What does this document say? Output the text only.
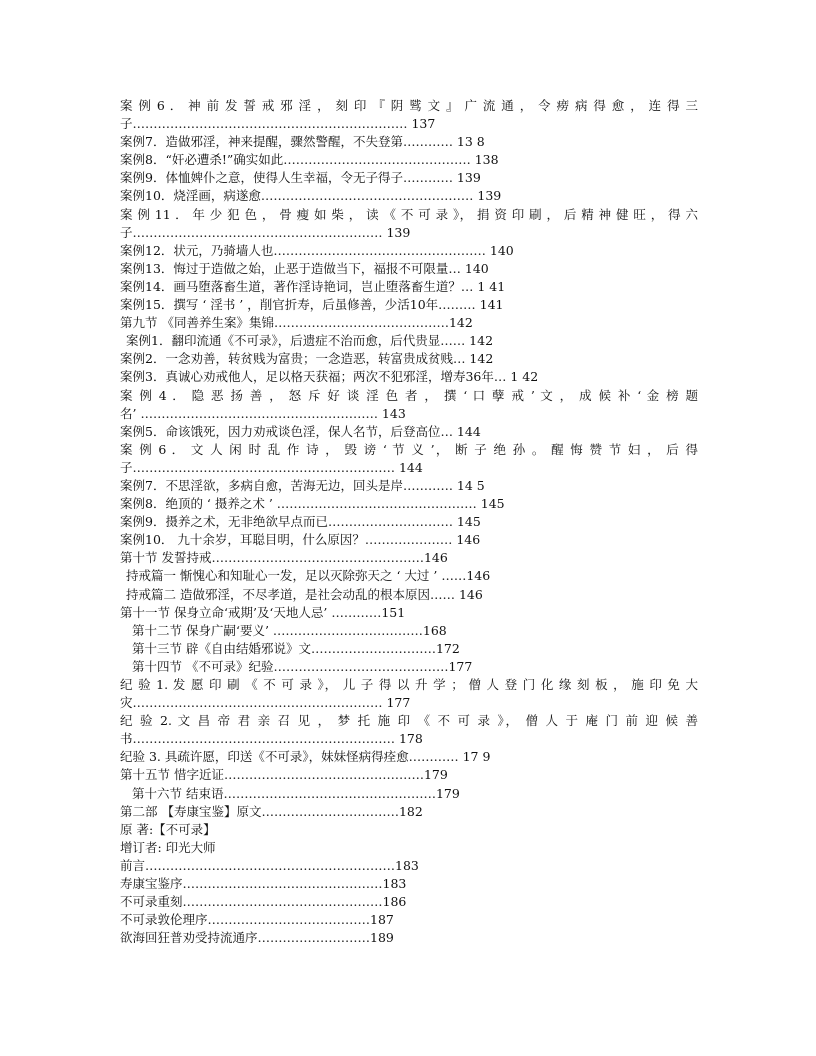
案 例 6 ． 神 前 发 誓 戒 邪 淫 ， 刻 印 『 阴 骘 文 』 广 流 通 ， 令 痨 病 得 愈 ， 连 得 三
子………………………………………………………… 137
案例7．造做邪淫，神来提醒，骤然警醒，不失登第………… 13 8
案例8．“奸必遭杀!”确实如此……………………………………… 138
案例9．体恤婢仆之意，使得人生幸福，令无子得子………… 139
案例10．烧淫画，病遂愈…………………………………………… 139
案 例 11 ． 年 少 犯 色 ， 骨 瘦 如 柴 ， 读 《 不 可 录 》， 捐 资 印 刷 ， 后 精 神 健 旺 ， 得 六
子…………………………………………………… 139
案例12．状元，乃骑墙人也…………………………………………… 140
案例13．悔过于造做之始，止恶于造做当下，福报不可限量… 140
案例14．画马堕落畜生道，著作淫诗艳词，岂止堕落畜生道？… 1 41
案例15．撰写 ‘ 淫书 ’ ，削官折寿，后虽修善，少活10年……… 141
第九节 《同善养生案》集锦……………………………………142
案例1．翻印流通《不可录》，后遗症不治而愈，后代贵显…… 142
案例2．一念劝善，转贫贱为富贵；一念造恶，转富贵成贫贱… 142
案例3．真诚心劝戒他人，足以格天获福；两次不犯邪淫，增寿36年… 1 42
案 例 4 ． 隐 恶 扬 善 ， 怒 斥 好 谈 淫 色 者 ， 撰 ‘ 口 孽 戒 ’ 文 ， 成 候 补 ‘ 金 榜 题
名’ ………………………………………………… 143
案例5．命该饿死，因力劝戒谈色淫，保人名节，后登高位… 144
案 例 6 ． 文 人 闲 时 乱 作 诗 ， 毁 谤 ‘ 节 义 ’， 断 子 绝 孙 。 醒 悔 赞 节 妇 ， 后 得
子……………………………………………………… 144
案例7．不思淫欲，多病自愈，苦海无边，回头是岸………… 14 5
案例8．绝顶的 ‘ 摄养之术 ’ ………………………………………… 145
案例9．摄养之术，无非绝欲早点而已………………………… 145
案例10． 九十余岁，耳聪目明，什么原因？………………… 146
第十节 发誓持戒……………………………………………146
持戒篇一 惭愧心和知耻心一发，足以灭除弥天之 ‘ 大过 ’ ……146
持戒篇二 造做邪淫，不尽孝道，是社会动乱的根本原因…… 146
第十一节 保身立命‘戒期’及‘天地人忌’ …………151
第十二节 保身广嗣‘要义’ ………………………………168
第十三节 辟《自由结婚邪说》文…………………………172
第十四节 《不可录》纪验……………………………………177
纪 验 1. 发 愿 印 刷 《 不 可 录 》， 儿 子 得 以 升 学 ； 僧 人 登 门 化 缘 刻 板 ， 施 印 免 大
灾…………………………………………………… 177
纪 验 2. 文 昌 帝 君 亲 召 见 ， 梦 托 施 印 《 不 可 录 》， 僧 人 于 庵 门 前 迎 候 善
书……………………………………………………… 178
纪验 3. 具疏许愿，印送《不可录》，妹妹怪病得痊愈………… 17 9
第十五节 惜字近证…………………………………………179
第十六节 结束语……………………………………………179
第二部 【寿康宝鉴】原文……………………………182
原 著:【不可录】
增订者: 印光大师
前言……………………………………………………183
寿康宝鉴序…………………………………………183
不可录重刻…………………………………………186
不可录敦伦理序…………………………………187
欲海回狂普劝受持流通序………………………189
